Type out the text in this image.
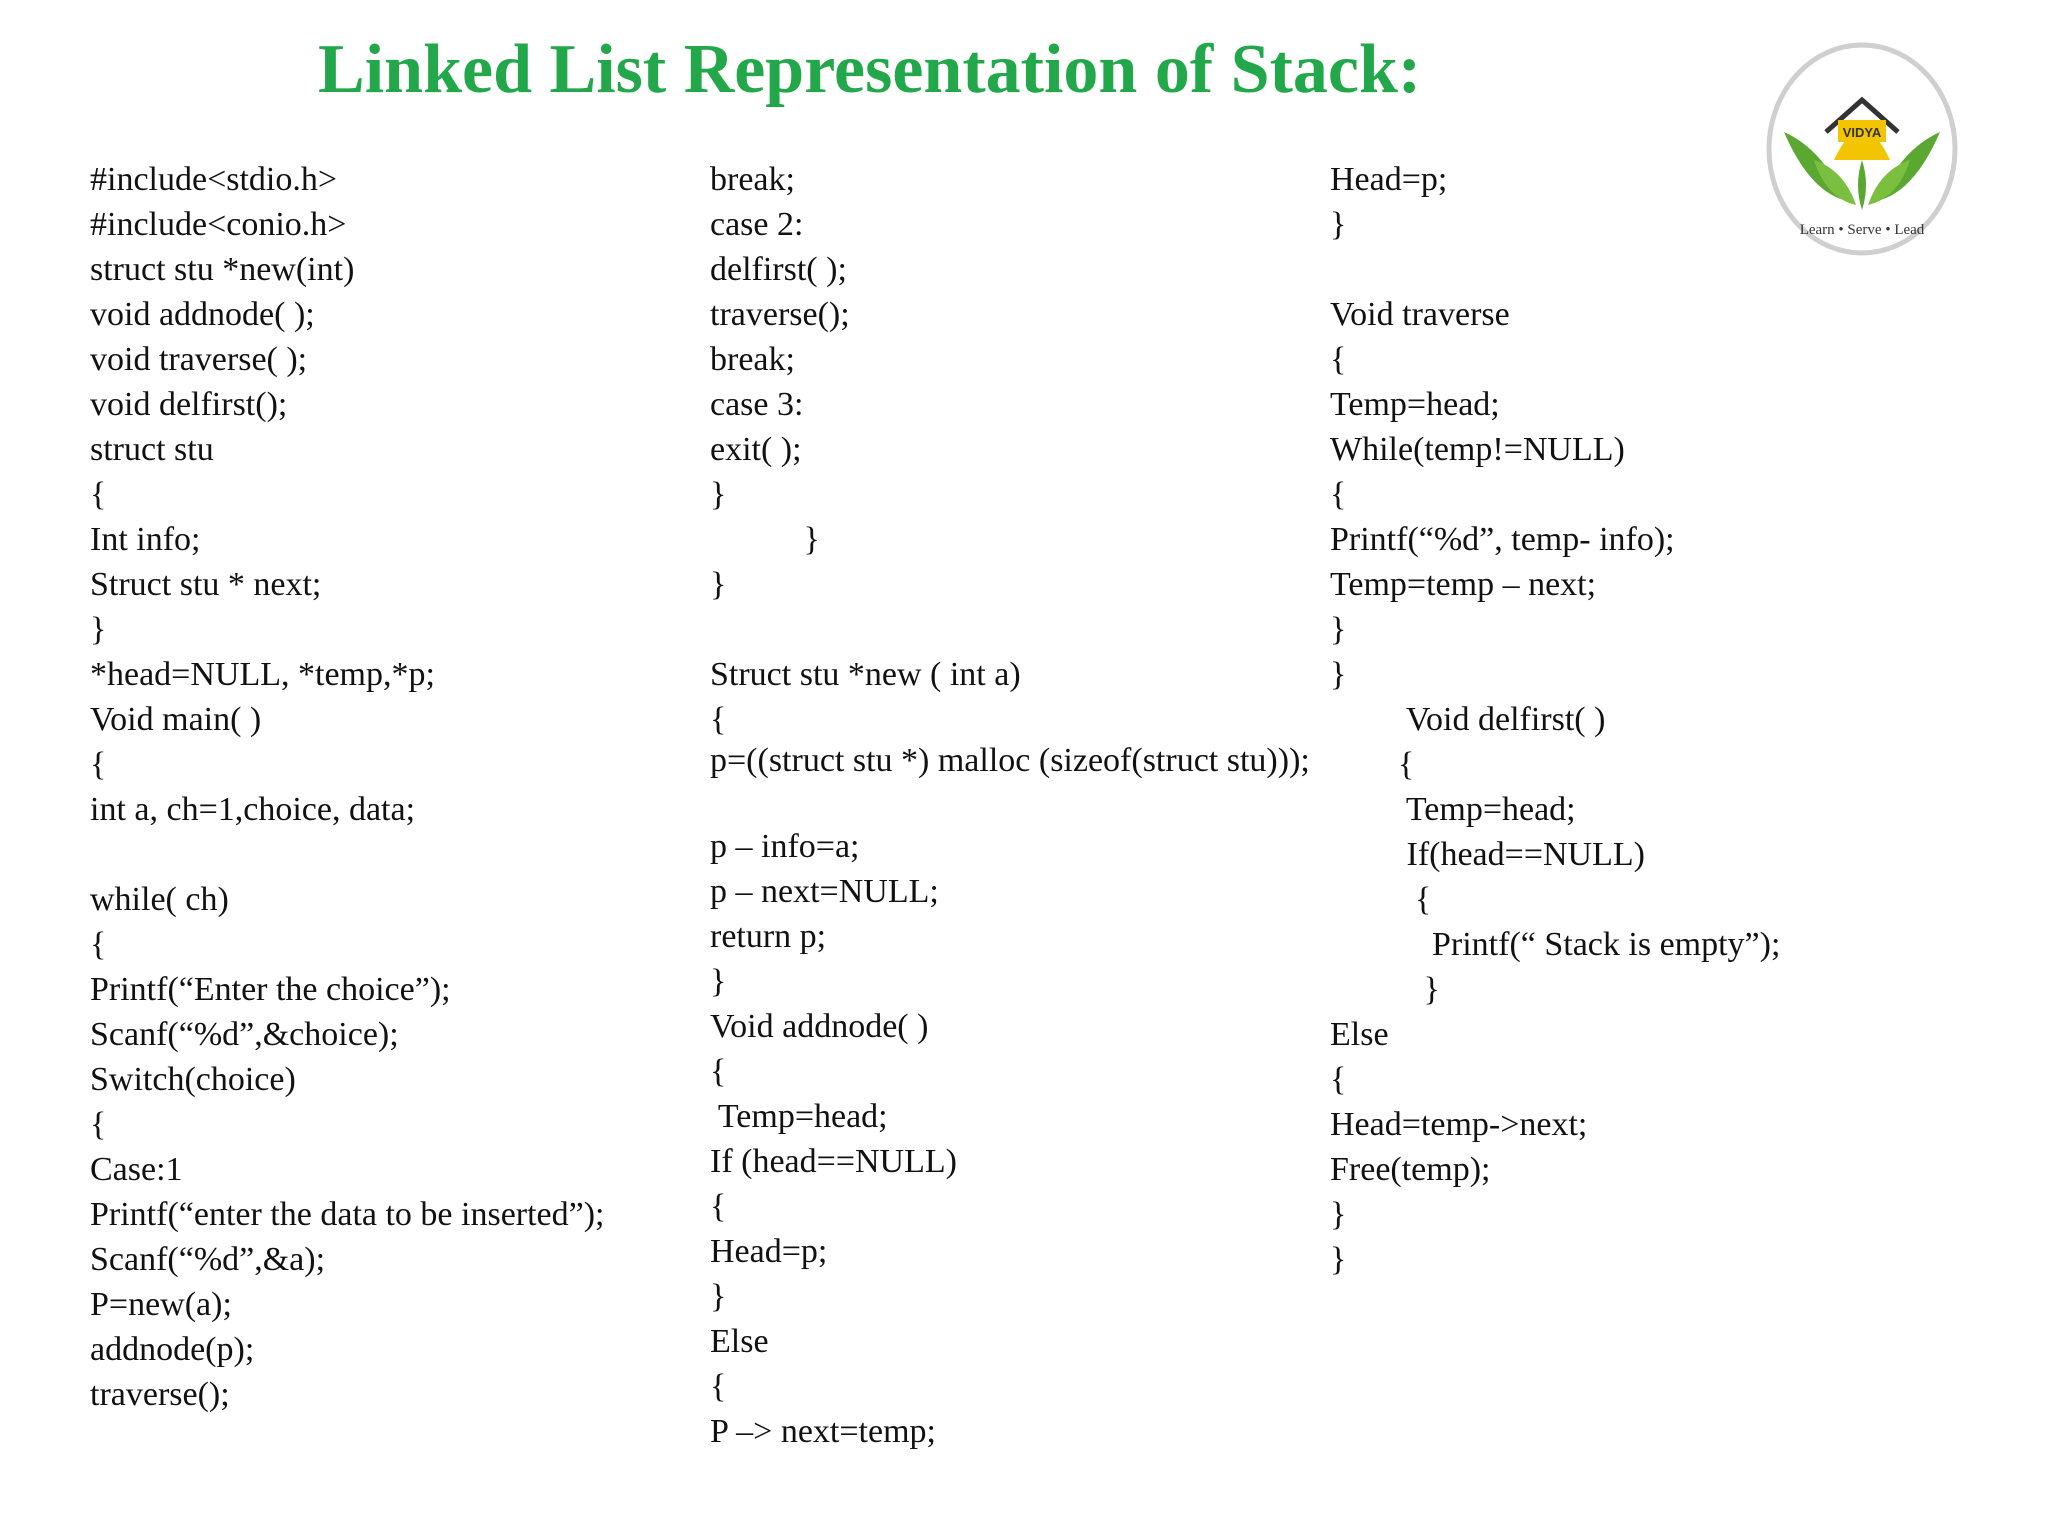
Linked List Representation of Stack:
VIDYA
Learn • Serve • Lead
#include<stdio.h>
#include<conio.h>
struct stu *new(int)
void addnode( );
void traverse( );
void delfirst();
struct stu
{
Int info;
Struct stu * next;
}
*head=NULL, *temp,*p;
Void main( )
{
int a, ch=1,choice, data;
while( ch)
{
Printf(“Enter the choice”);
Scanf(“%d”,&choice);
Switch(choice)
{
Case:1
Printf(“enter the data to be inserted”);
Scanf(“%d”,&a);
P=new(a);
addnode(p);
traverse();
break;
case 2:
delfirst( );
traverse();
break;
case 3:
exit( );
}
}
}
Struct stu *new ( int a)
{
p=((struct stu *) malloc (sizeof(struct stu)));
p – info=a;
p – next=NULL;
return p;
}
Void addnode( )
{
Temp=head;
If (head==NULL)
{
Head=p;
}
Else
{
P –> next=temp;
Head=p;
}
Void traverse
{
Temp=head;
While(temp!=NULL)
{
Printf(“%d”, temp- info);
Temp=temp – next;
}
}
Void delfirst( )
{
Temp=head;
If(head==NULL)
{
Printf(“ Stack is empty”);
}
Else
{
Head=temp->next;
Free(temp);
}
}
